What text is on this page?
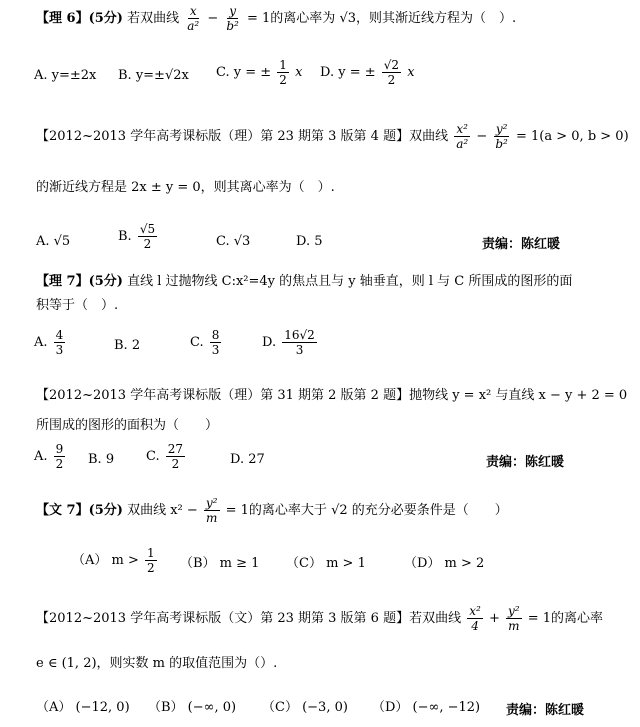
【理 6】(5分) 若双曲线 $\frac{x}{\text{a²}} - \frac{y}{\text{b²}} = 1$的离心率为 √3，则其渐近线方程为（　）.
A. y=±2x B. y=±√2x C. y = ± $\frac{1}{2}$ x D. y = ± $\frac{√2}{2}$ x
【2012~2013 学年高考课标版（理）第 23 期第 3 版第 4 题】双曲线 $\frac{\text{x²}}{\text{a²}} - \frac{\text{y²}}{\text{b²}} = 1(a > 0$, b > 0)
的渐近线方程是 2x ± y = 0，则其离心率为（　）.
A. √5	B. $\frac{√5}{2}$	C. √3	D. 5	责编：陈红暖
【理 7】(5分) 直线 l 过抛物线 C:x²=4y 的焦点且与 y 轴垂直，则 l 与 C 所围成的图形的面
积等于（　）.
A. $\frac{4}{3}$	B. 2	C. $\frac{8}{3}$	D. $\frac{16√2}{3}$
【2012~2013 学年高考课标版（理）第 31 期第 2 版第 2 题】抛物线 y = x² 与直线 x − y + 2 = 0
所围成的图形的面积为（　　）
A. $\frac{9}{2} B$. 9 C. $\frac{27}{2}$	D. 27	责编：陈红暖
【文 7】(5分) 双曲线 $x^2 - \frac{\text{y²}}{m} = 1$的离心率大于 √2 的充分必要条件是（　　）
（A） $m > \frac{1}{2} (B) m \ge 1$ （C） m > 1	（D） m > 2
【2012~2013 学年高考课标版（文）第 23 期第 3 版第 6 题】若双曲线 $\frac{\text{x²}}{4} + \frac{\text{y²}}{m} = 1$的离心率
e ∈ (1, 2)，则实数 m 的取值范围为（）.
（A） (−12, 0) （B） (−∞, 0) （C） (−3, 0) （D） (−∞, −12) 责编：陈红暖
